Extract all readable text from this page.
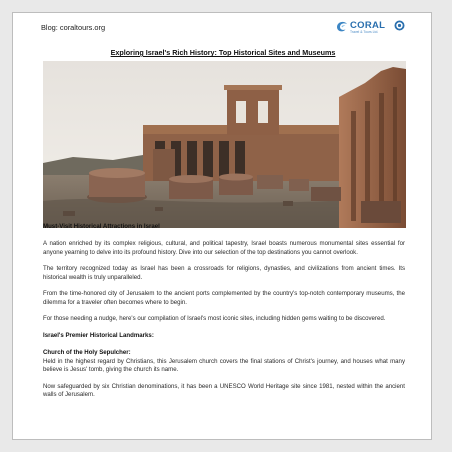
Blog: coraltours.org	CORAL
Travel & Tours Ltd.
Exploring Israel's Rich History: Top Historical Sites and Museums

Must-Visit Historical Attractions in Israel

A nation enriched by its complex religious, cultural, and political tapestry, Israel boasts numerous monumental sites essential for anyone yearning to delve into its profound history. Dive into our selection of the top destinations you cannot overlook.

The territory recognized today as Israel has been a crossroads for religions, dynasties, and civilizations from ancient times. Its historical wealth is truly unparalleled.

From the time-honored city of Jerusalem to the ancient ports complemented by the country's top-notch contemporary museums, the dilemma for a traveler often becomes where to begin.

For those needing a nudge, here's our compilation of Israel's most iconic sites, including hidden gems waiting to be discovered.

Israel's Premier Historical Landmarks:

Church of the Holy Sepulcher:

Held in the highest regard by Christians, this Jerusalem church covers the final stations of Christ's journey, and houses what many believe is Jesus' tomb, giving the church its name.

Now safeguarded by six Christian denominations, it has been a UNESCO World Heritage site since 1981, nested within the ancient walls of Jerusalem.
